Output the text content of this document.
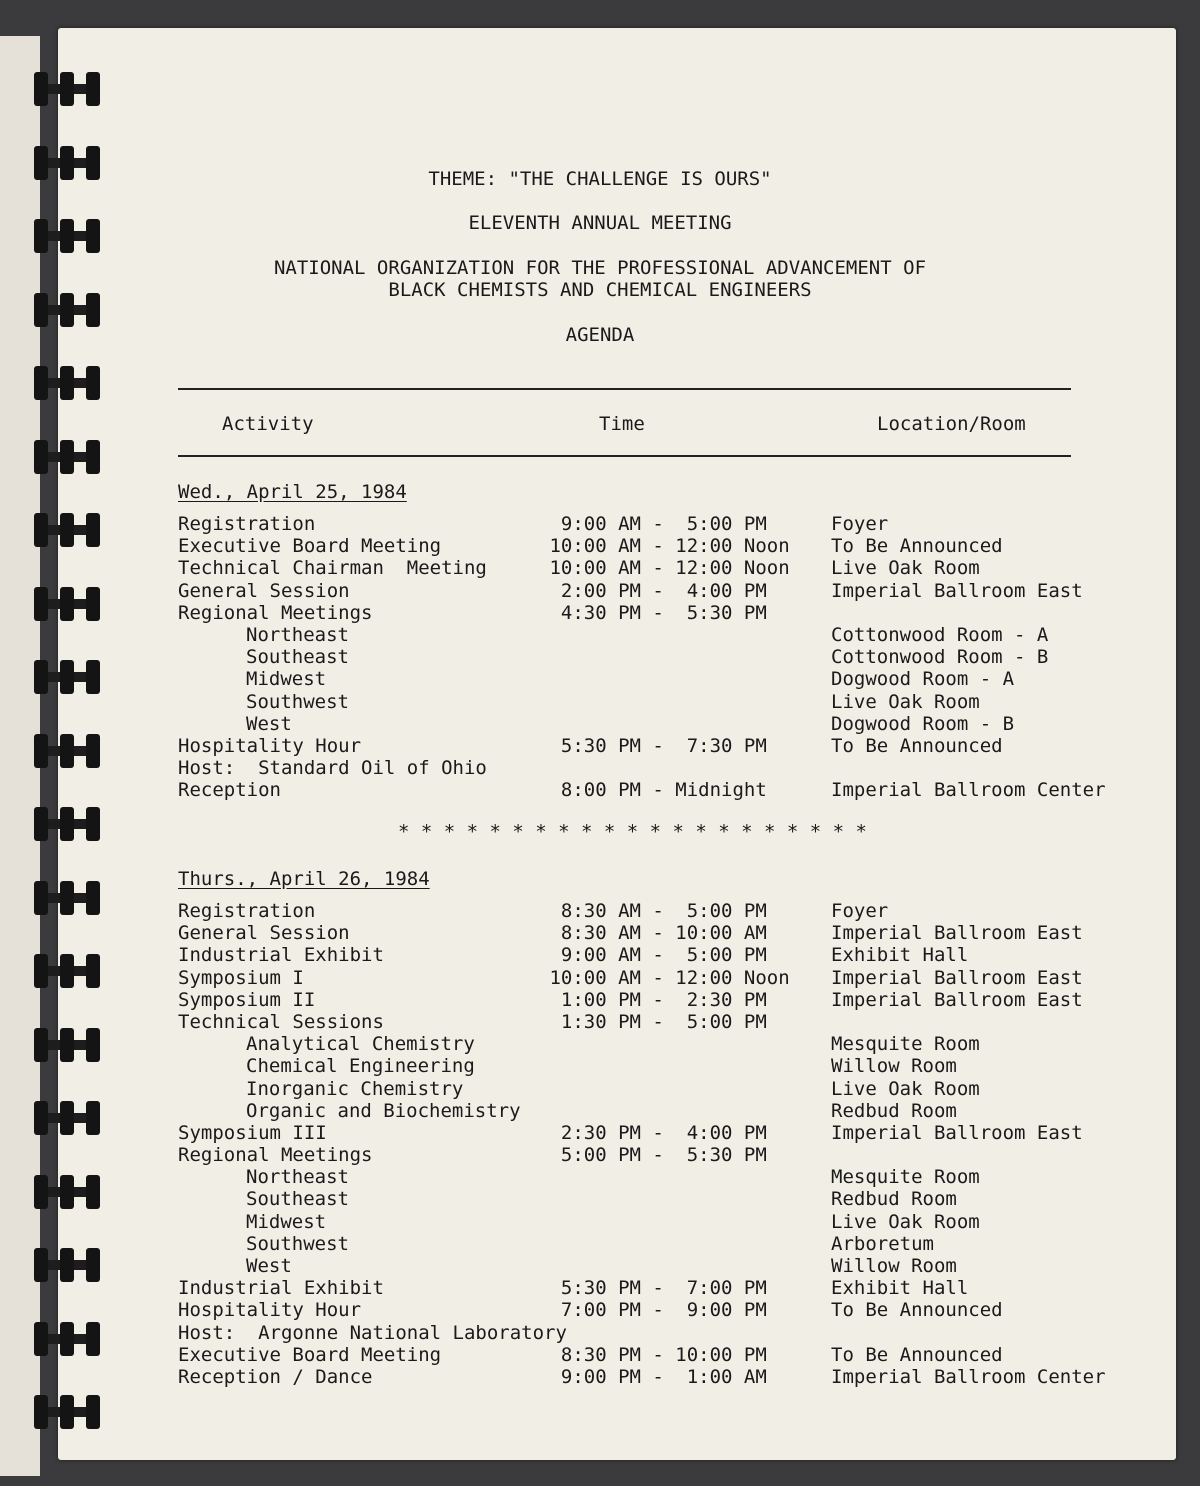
THEME: "THE CHALLENGE IS OURS"

ELEVENTH ANNUAL MEETING

NATIONAL ORGANIZATION FOR THE PROFESSIONAL ADVANCEMENT OF

BLACK CHEMISTS AND CHEMICAL ENGINEERS

AGENDA

Activity	Time	Location/Room

Wed., April 25, 1984

Registration	9:00 AM -  5:00 PM	Foyer
Executive Board Meeting	10:00 AM - 12:00 Noon To Be Announced
Technical Chairman  Meeting	10:00 AM - 12:00 Noon Live Oak Room
General Session	2:00 PM -  4:00 PM	Imperial Ballroom East
Regional Meetings	4:30 PM -  5:30 PM
Northeast	Cottonwood Room - A
Southeast	Cottonwood Room - B
Midwest	Dogwood Room - A
Southwest	Live Oak Room
West	Dogwood Room - B
Hospitality Hour	5:30 PM -  7:30 PM	To Be Announced
Host:  Standard Oil of Ohio
Reception	8:00 PM - Midnight	Imperial Ballroom Center

* * * * * * * * * * * * * * * * * * * * *

Thurs., April 26, 1984

Registration	8:30 AM -  5:00 PM	Foyer
General Session	8:30 AM - 10:00 AM	Imperial Ballroom East
Industrial Exhibit	9:00 AM -  5:00 PM	Exhibit Hall
Symposium I	10:00 AM - 12:00 Noon Imperial Ballroom East
Symposium II	1:00 PM -  2:30 PM	Imperial Ballroom East
Technical Sessions	1:30 PM -  5:00 PM
Analytical Chemistry	Mesquite Room
Chemical Engineering	Willow Room
Inorganic Chemistry	Live Oak Room
Organic and Biochemistry	Redbud Room
Symposium III	2:30 PM -  4:00 PM	Imperial Ballroom East
Regional Meetings	5:00 PM -  5:30 PM
Northeast	Mesquite Room
Southeast	Redbud Room
Midwest	Live Oak Room
Southwest	Arboretum
West	Willow Room
Industrial Exhibit	5:30 PM -  7:00 PM	Exhibit Hall
Hospitality Hour	7:00 PM -  9:00 PM	To Be Announced
Host:  Argonne National Laboratory
Executive Board Meeting	8:30 PM - 10:00 PM	To Be Announced
Reception / Dance	9:00 PM -  1:00 AM	Imperial Ballroom Center
